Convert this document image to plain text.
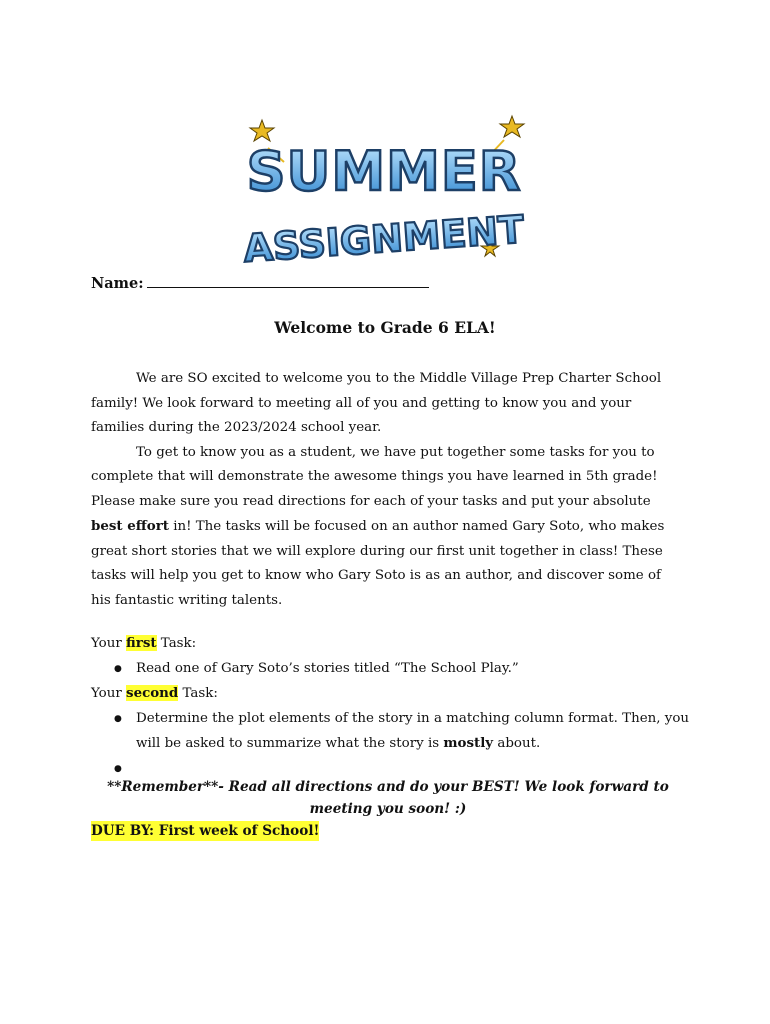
SUMMER
ASSIGNMENT
Name:
Welcome to Grade 6 ELA!

We are SO excited to welcome you to the Middle Village Prep Charter School family! We look forward to meeting all of you and getting to know you and your families during the 2023/2024 school year.

To get to know you as a student, we have put together some tasks for you to complete that will demonstrate the awesome things you have learned in 5th grade! Please make sure you read directions for each of your tasks and put your absolute best effort in! The tasks will be focused on an author named Gary Soto, who makes great short stories that we will explore during our first unit together in class! These tasks will help you get to know who Gary Soto is as an author, and discover some of his fantastic writing talents.

Your first Task:
● Read one of Gary Soto’s stories titled “The School Play.”
Your second Task:
● Determine the plot elements of the story in a matching column format. Then, you will be asked to summarize what the story is mostly about.
●
**Remember**- Read all directions and do your BEST! We look forward to meeting you soon! :)
DUE BY: First week of School!
